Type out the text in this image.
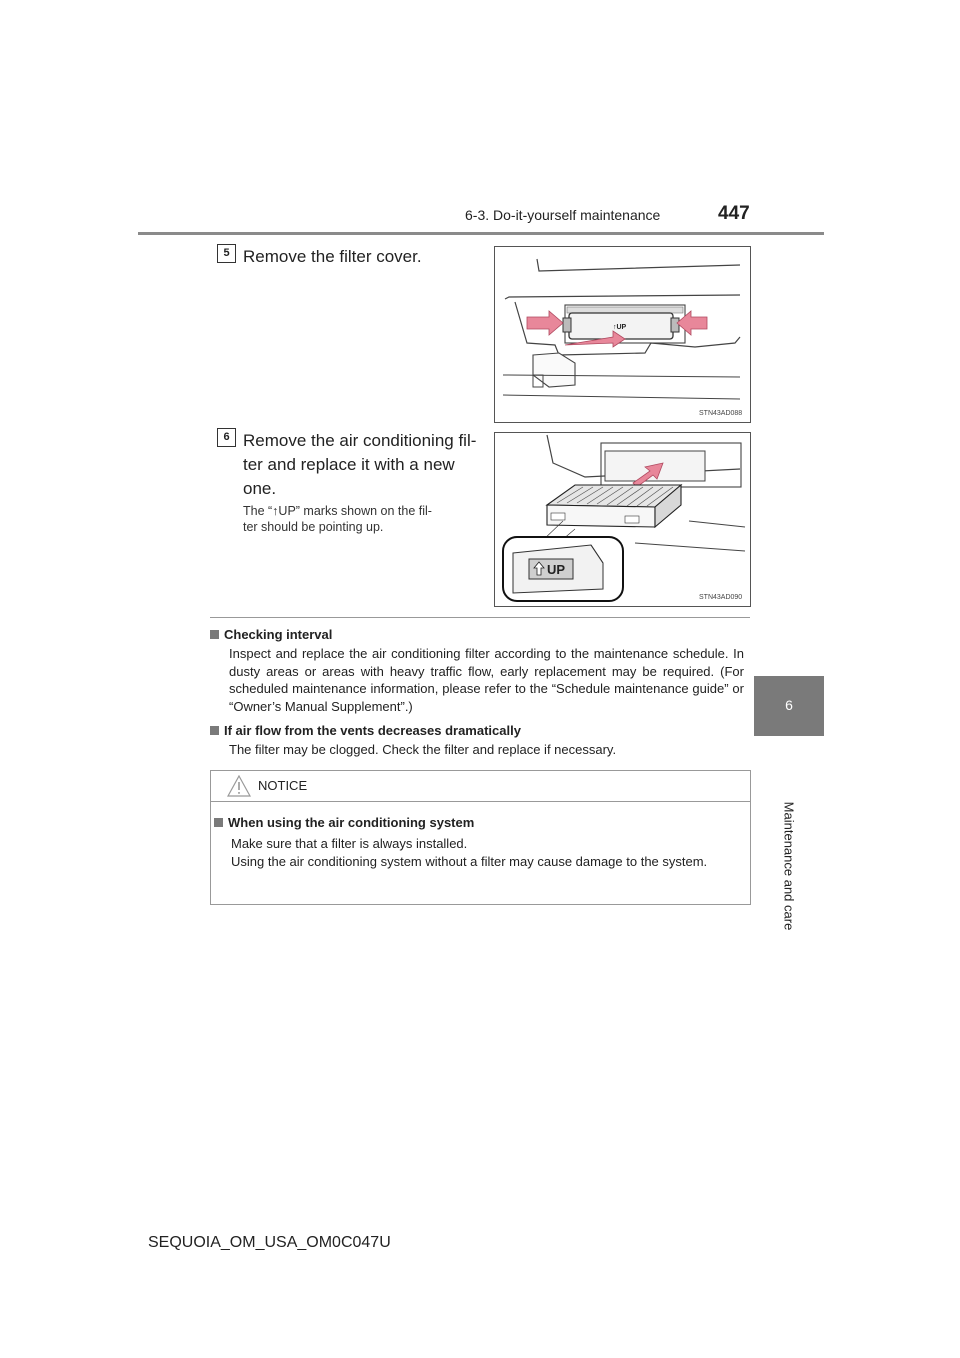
6-3. Do-it-yourself maintenance	447
6
Maintenance and care
5 Remove the filter cover.
↑UP
STN43AD088
6 Remove the air conditioning fil-
ter and replace it with a new
one.
The “↑UP” marks shown on the fil-
ter should be pointing up.
UP
STN43AD090
Checking interval
Inspect and replace the air conditioning filter according to the maintenance schedule. In dusty areas or areas with heavy traffic flow, early replacement may be required. (For scheduled maintenance information, please refer to the “Schedule maintenance guide” or “Owner’s Manual Supplement”.)
If air flow from the vents decreases dramatically
The filter may be clogged. Check the filter and replace if necessary.
NOTICE
When using the air conditioning system
Make sure that a filter is always installed.
Using the air conditioning system without a filter may cause damage to the system.
SEQUOIA_OM_USA_OM0C047U
